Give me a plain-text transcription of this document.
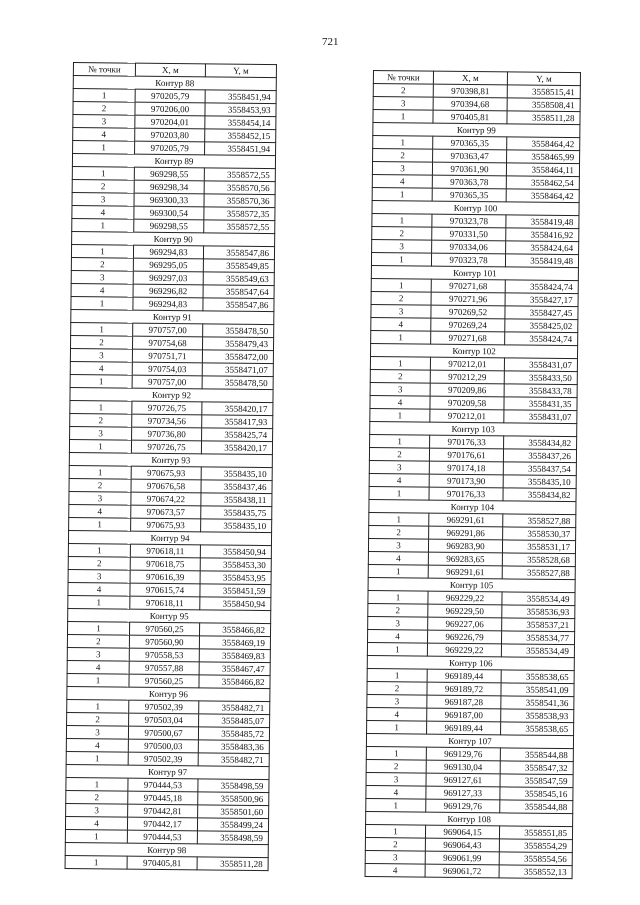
721
№ точки	X, м	Y, м
Контур 88		
1	970205,79	3558451,94
2	970206,00	3558453,93
3	970204,01	3558454,14
4	970203,80	3558452,15
1	970205,79	3558451,94
Контур 89		
1	969298,55	3558572,55
2	969298,34	3558570,56
3	969300,33	3558570,36
4	969300,54	3558572,35
1	969298,55	3558572,55
Контур 90		
1	969294,83	3558547,86
2	969295,05	3558549,85
3	969297,03	3558549,63
4	969296,82	3558547,64
1	969294,83	3558547,86
Контур 91		
1	970757,00	3558478,50
2	970754,68	3558479,43
3	970751,71	3558472,00
4	970754,03	3558471,07
1	970757,00	3558478,50
Контур 92		
1	970726,75	3558420,17
2	970734,56	3558417,93
3	970736,80	3558425,74
1	970726,75	3558420,17
Контур 93		
1	970675,93	3558435,10
2	970676,58	3558437,46
3	970674,22	3558438,11
4	970673,57	3558435,75
1	970675,93	3558435,10
Контур 94		
1	970618,11	3558450,94
2	970618,75	3558453,30
3	970616,39	3558453,95
4	970615,74	3558451,59
1	970618,11	3558450,94
Контур 95		
1	970560,25	3558466,82
2	970560,90	3558469,19
3	970558,53	3558469,83
4	970557,88	3558467,47
1	970560,25	3558466,82
Контур 96		
1	970502,39	3558482,71
2	970503,04	3558485,07
3	970500,67	3558485,72
4	970500,03	3558483,36
1	970502,39	3558482,71
Контур 97		
1	970444,53	3558498,59
2	970445,18	3558500,96
3	970442,81	3558501,60
4	970442,17	3558499,24
1	970444,53	3558498,59
Контур 98		
1	970405,81	3558511,28
№ точки	X, м	Y, м
2	970398,81	3558515,41
3	970394,68	3558508,41
1	970405,81	3558511,28
Контур 99		
1	970365,35	3558464,42
2	970363,47	3558465,99
3	970361,90	3558464,11
4	970363,78	3558462,54
1	970365,35	3558464,42
Контур 100		
1	970323,78	3558419,48
2	970331,50	3558416,92
3	970334,06	3558424,64
1	970323,78	3558419,48
Контур 101		
1	970271,68	3558424,74
2	970271,96	3558427,17
3	970269,52	3558427,45
4	970269,24	3558425,02
1	970271,68	3558424,74
Контур 102		
1	970212,01	3558431,07
2	970212,29	3558433,50
3	970209,86	3558433,78
4	970209,58	3558431,35
1	970212,01	3558431,07
Контур 103		
1	970176,33	3558434,82
2	970176,61	3558437,26
3	970174,18	3558437,54
4	970173,90	3558435,10
1	970176,33	3558434,82
Контур 104		
1	969291,61	3558527,88
2	969291,86	3558530,37
3	969283,90	3558531,17
4	969283,65	3558528,68
1	969291,61	3558527,88
Контур 105		
1	969229,22	3558534,49
2	969229,50	3558536,93
3	969227,06	3558537,21
4	969226,79	3558534,77
1	969229,22	3558534,49
Контур 106		
1	969189,44	3558538,65
2	969189,72	3558541,09
3	969187,28	3558541,36
4	969187,00	3558538,93
1	969189,44	3558538,65
Контур 107		
1	969129,76	3558544,88
2	969130,04	3558547,32
3	969127,61	3558547,59
4	969127,33	3558545,16
1	969129,76	3558544,88
Контур 108		
1	969064,15	3558551,85
2	969064,43	3558554,29
3	969061,99	3558554,56
4	969061,72	3558552,13
